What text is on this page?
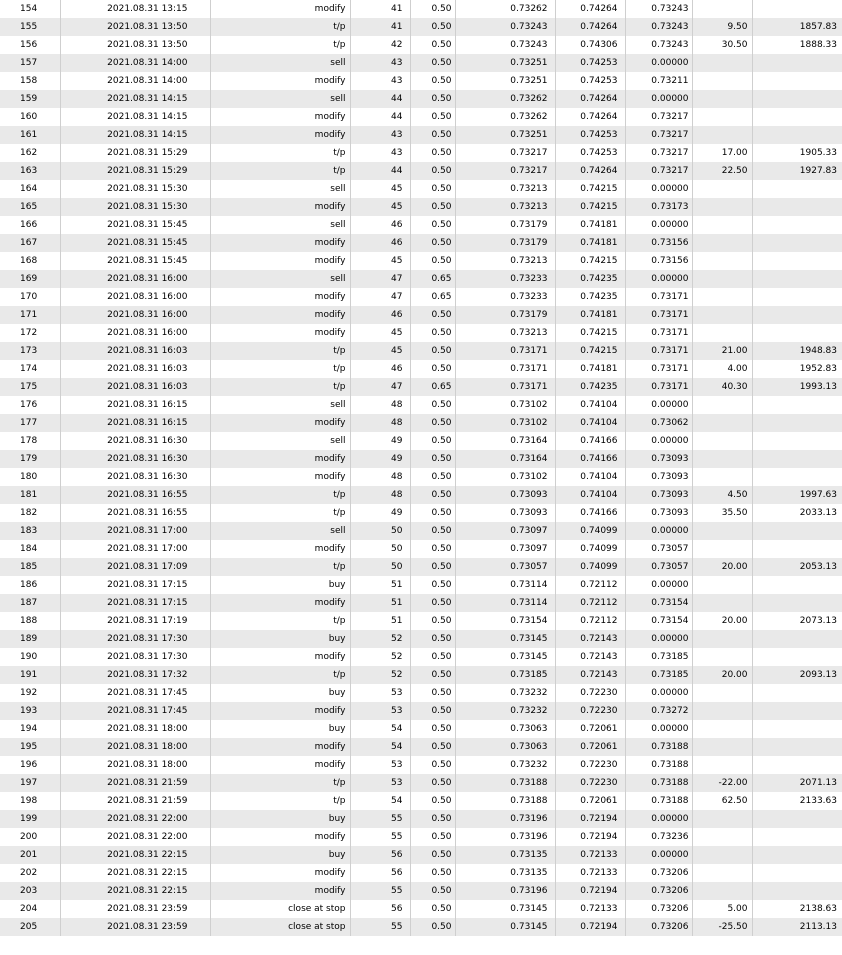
154	2021.08.31 13:15	modify	41	0.50	0.73262	0.74264	0.73243		
155	2021.08.31 13:50	t/p	41	0.50	0.73243	0.74264	0.73243	9.50	1857.83
156	2021.08.31 13:50	t/p	42	0.50	0.73243	0.74306	0.73243	30.50	1888.33
157	2021.08.31 14:00	sell	43	0.50	0.73251	0.74253	0.00000		
158	2021.08.31 14:00	modify	43	0.50	0.73251	0.74253	0.73211		
159	2021.08.31 14:15	sell	44	0.50	0.73262	0.74264	0.00000		
160	2021.08.31 14:15	modify	44	0.50	0.73262	0.74264	0.73217		
161	2021.08.31 14:15	modify	43	0.50	0.73251	0.74253	0.73217		
162	2021.08.31 15:29	t/p	43	0.50	0.73217	0.74253	0.73217	17.00	1905.33
163	2021.08.31 15:29	t/p	44	0.50	0.73217	0.74264	0.73217	22.50	1927.83
164	2021.08.31 15:30	sell	45	0.50	0.73213	0.74215	0.00000		
165	2021.08.31 15:30	modify	45	0.50	0.73213	0.74215	0.73173		
166	2021.08.31 15:45	sell	46	0.50	0.73179	0.74181	0.00000		
167	2021.08.31 15:45	modify	46	0.50	0.73179	0.74181	0.73156		
168	2021.08.31 15:45	modify	45	0.50	0.73213	0.74215	0.73156		
169	2021.08.31 16:00	sell	47	0.65	0.73233	0.74235	0.00000		
170	2021.08.31 16:00	modify	47	0.65	0.73233	0.74235	0.73171		
171	2021.08.31 16:00	modify	46	0.50	0.73179	0.74181	0.73171		
172	2021.08.31 16:00	modify	45	0.50	0.73213	0.74215	0.73171		
173	2021.08.31 16:03	t/p	45	0.50	0.73171	0.74215	0.73171	21.00	1948.83
174	2021.08.31 16:03	t/p	46	0.50	0.73171	0.74181	0.73171	4.00	1952.83
175	2021.08.31 16:03	t/p	47	0.65	0.73171	0.74235	0.73171	40.30	1993.13
176	2021.08.31 16:15	sell	48	0.50	0.73102	0.74104	0.00000		
177	2021.08.31 16:15	modify	48	0.50	0.73102	0.74104	0.73062		
178	2021.08.31 16:30	sell	49	0.50	0.73164	0.74166	0.00000		
179	2021.08.31 16:30	modify	49	0.50	0.73164	0.74166	0.73093		
180	2021.08.31 16:30	modify	48	0.50	0.73102	0.74104	0.73093		
181	2021.08.31 16:55	t/p	48	0.50	0.73093	0.74104	0.73093	4.50	1997.63
182	2021.08.31 16:55	t/p	49	0.50	0.73093	0.74166	0.73093	35.50	2033.13
183	2021.08.31 17:00	sell	50	0.50	0.73097	0.74099	0.00000		
184	2021.08.31 17:00	modify	50	0.50	0.73097	0.74099	0.73057		
185	2021.08.31 17:09	t/p	50	0.50	0.73057	0.74099	0.73057	20.00	2053.13
186	2021.08.31 17:15	buy	51	0.50	0.73114	0.72112	0.00000		
187	2021.08.31 17:15	modify	51	0.50	0.73114	0.72112	0.73154		
188	2021.08.31 17:19	t/p	51	0.50	0.73154	0.72112	0.73154	20.00	2073.13
189	2021.08.31 17:30	buy	52	0.50	0.73145	0.72143	0.00000		
190	2021.08.31 17:30	modify	52	0.50	0.73145	0.72143	0.73185		
191	2021.08.31 17:32	t/p	52	0.50	0.73185	0.72143	0.73185	20.00	2093.13
192	2021.08.31 17:45	buy	53	0.50	0.73232	0.72230	0.00000		
193	2021.08.31 17:45	modify	53	0.50	0.73232	0.72230	0.73272		
194	2021.08.31 18:00	buy	54	0.50	0.73063	0.72061	0.00000		
195	2021.08.31 18:00	modify	54	0.50	0.73063	0.72061	0.73188		
196	2021.08.31 18:00	modify	53	0.50	0.73232	0.72230	0.73188		
197	2021.08.31 21:59	t/p	53	0.50	0.73188	0.72230	0.73188	-22.00	2071.13
198	2021.08.31 21:59	t/p	54	0.50	0.73188	0.72061	0.73188	62.50	2133.63
199	2021.08.31 22:00	buy	55	0.50	0.73196	0.72194	0.00000		
200	2021.08.31 22:00	modify	55	0.50	0.73196	0.72194	0.73236		
201	2021.08.31 22:15	buy	56	0.50	0.73135	0.72133	0.00000		
202	2021.08.31 22:15	modify	56	0.50	0.73135	0.72133	0.73206		
203	2021.08.31 22:15	modify	55	0.50	0.73196	0.72194	0.73206		
204	2021.08.31 23:59	close at stop	56	0.50	0.73145	0.72133	0.73206	5.00	2138.63
205	2021.08.31 23:59	close at stop	55	0.50	0.73145	0.72194	0.73206	-25.50	2113.13
